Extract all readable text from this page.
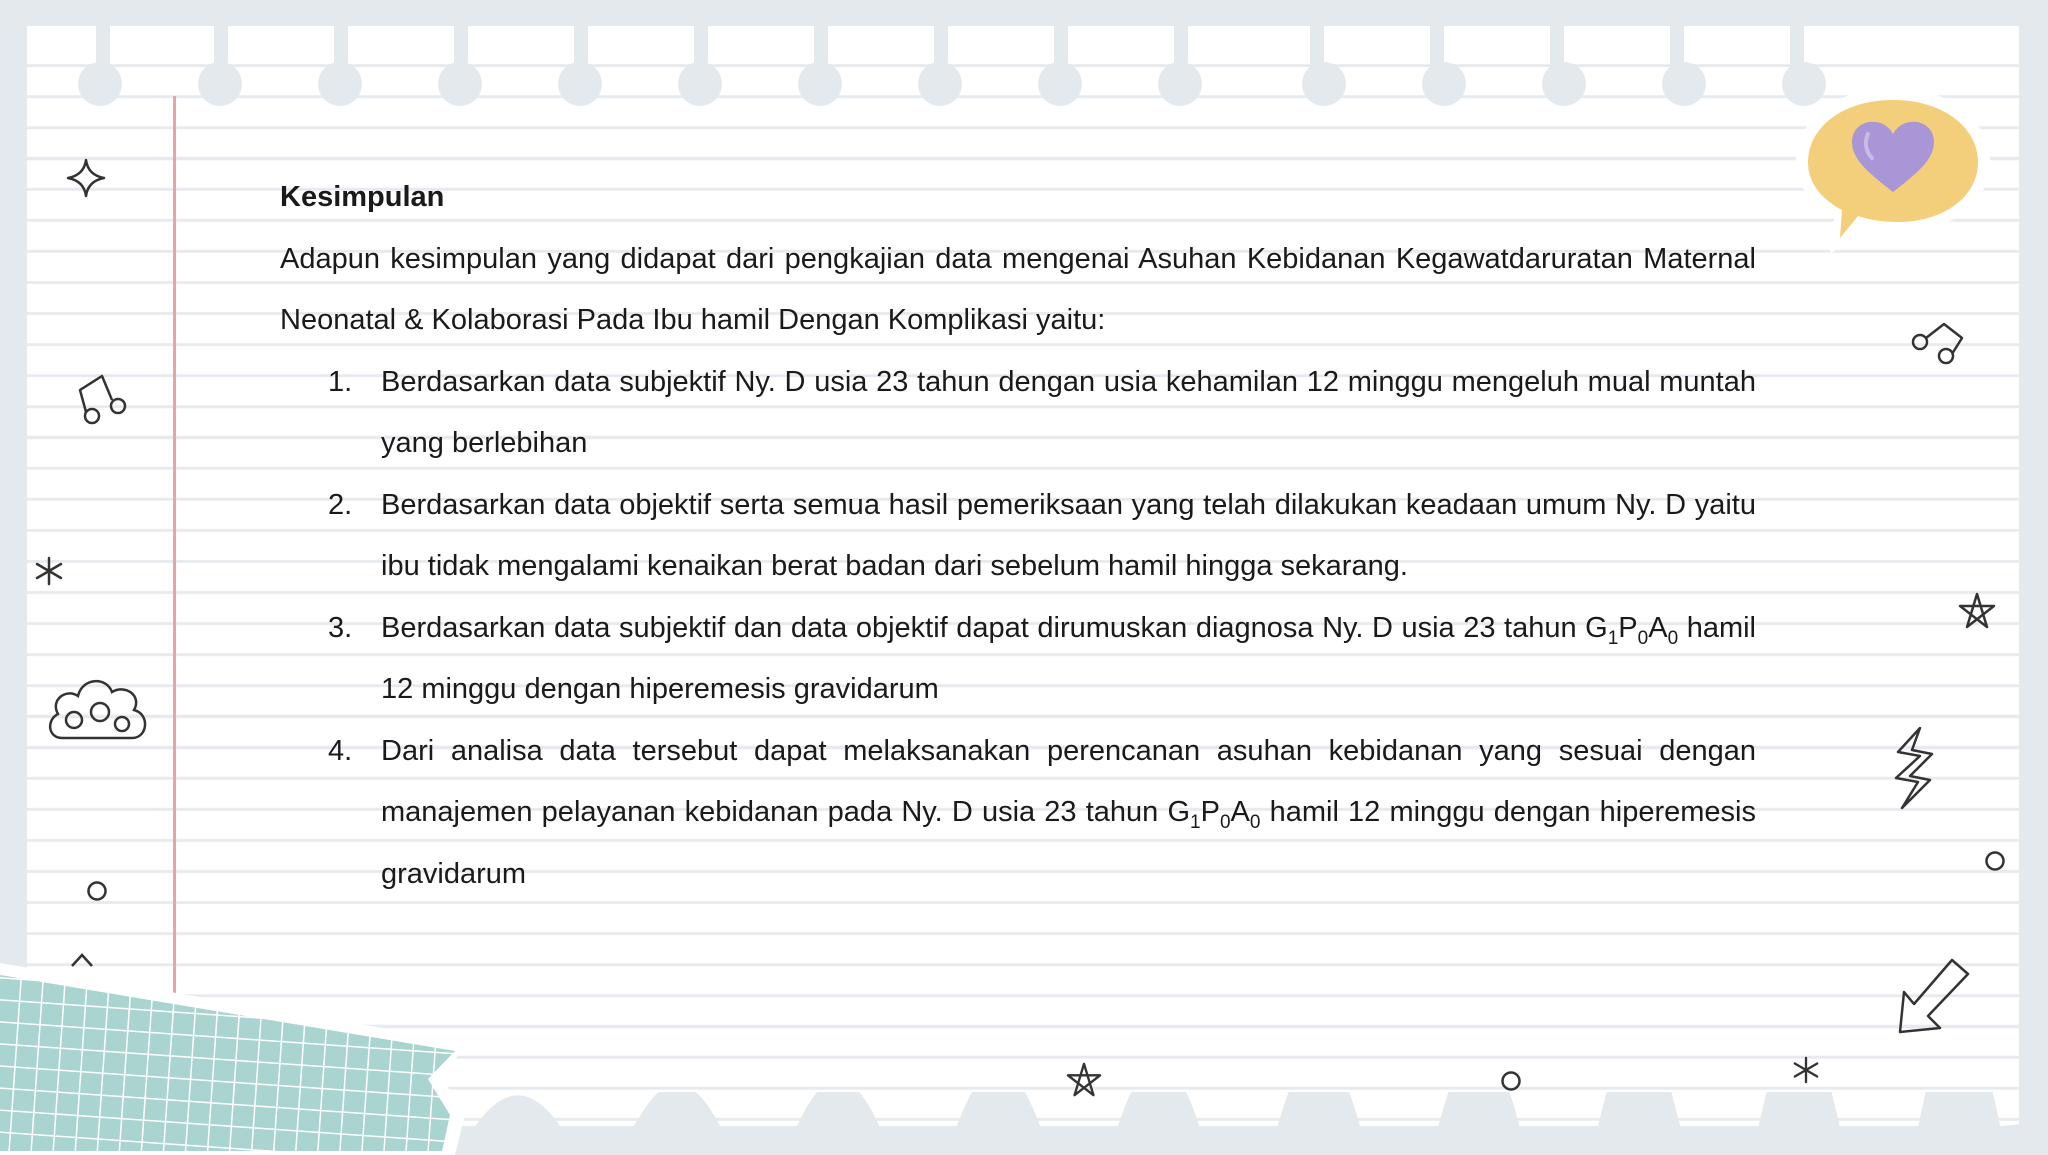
Kesimpulan

Adapun kesimpulan yang didapat dari pengkajian data mengenai Asuhan Kebidanan Kegawatdaruratan Maternal Neonatal & Kolaborasi Pada Ibu hamil Dengan Komplikasi yaitu:

1. Berdasarkan data subjektif Ny. D usia 23 tahun dengan usia kehamilan 12 minggu mengeluh mual muntah yang berlebihan
2. Berdasarkan data objektif serta semua hasil pemeriksaan yang telah dilakukan keadaan umum Ny. D yaitu ibu tidak mengalami kenaikan berat badan dari sebelum hamil hingga sekarang.
3. Berdasarkan data subjektif dan data objektif dapat dirumuskan diagnosa Ny. D usia 23 tahun $G_1P_0A_0$ hamil 12 minggu dengan hiperemesis gravidarum
4. Dari analisa data tersebut dapat melaksanakan perencanan asuhan kebidanan yang sesuai dengan manajemen pelayanan kebidanan pada Ny. D usia 23 tahun $G_1P_0A_0$ hamil 12 minggu dengan hiperemesis gravidarum
